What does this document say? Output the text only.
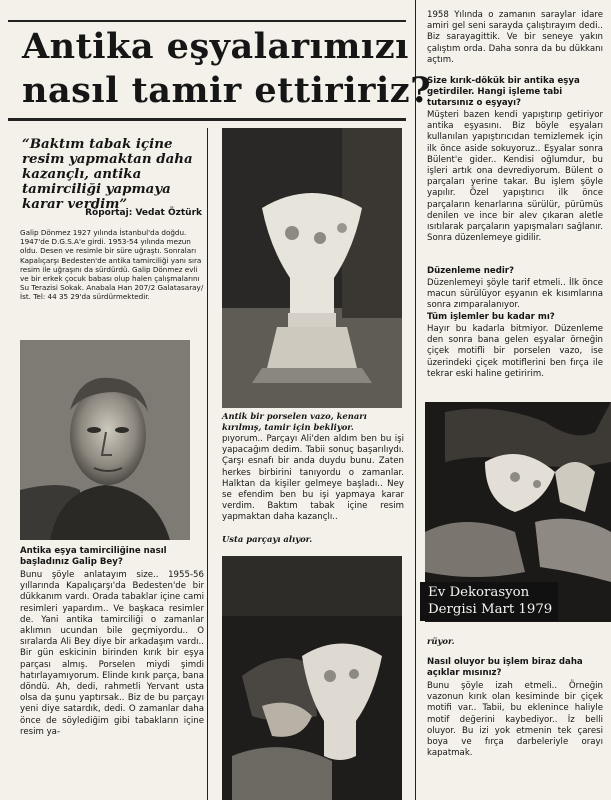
Antika eşyalarımızı
nasıl tamir ettiririz?
“Baktım tabak içine resim yapmaktan daha kazançlı, antika tamirciliği yapmaya karar verdim”
Röportaj: Vedat Öztürk
Galip Dönmez 1927 yılında İstanbul'da doğdu. 1947'de D.G.S.A'e girdi. 1953-54 yılında mezun oldu. Desen ve resimle bir süre uğraştı. Sonraları Kapalıçarşı Bedesten'de antika tamirciliği yanı sıra resim ile uğraşını da sürdürdü. Galip Dönmez evli ve bir erkek çocuk babası olup halen çalışmalarını Su Terazisi Sokak. Anabala Han 207/2 Galatasaray/İst. Tel: 44 35 29'da sürdürmektedir.

Antika eşya tamirciliğine nasıl başladınız Galip Bey?

Bunu şöyle anlatayım size.. 1955-56 yıllarında Kapalıçarşı'da Bedesten'de bir dükkanım vardı. Orada tabaklar içine cami resimleri yapardım.. Ve başkaca resimler de. Yani antika tamirciliği o zamanlar aklımın ucundan bile geçmiyordu.. O sıralarda Ali Bey diye bir arkadaşım vardı.. Bir gün eskicinin birinden kırık bir eşya parçası almış. Porselen miydi şimdi hatırlayamıyorum. Elinde kırık parça, bana döndü. Ah, dedi, rahmetli Yervant usta olsa da şunu yaptırsak.. Biz de bu parçayı yeni diye satardık, dedi. O zamanlar daha önce de söylediğim gibi tabakların içine resim ya-

Antik bir porselen vazo, kenarı kırılmış, tamir için bekliyor.

pıyorum.. Parçayı Ali'den aldım ben bu işi yapacağım dedim. Tabii sonuç başarılıydı. Çarşı esnafı bir anda duydu bunu. Zaten herkes birbirini tanıyordu o zamanlar. Halktan da kişiler gelmeye başladı.. Ney se efendim ben bu işi yapmaya karar verdim. Baktım tabak içine resim yapmaktan daha kazançlı..

Usta parçayı alıyor.

1958 Yılında o zamanın saraylar idare amiri gel seni sarayda çalıştırayım dedi.. Biz sarayagittik. Ve bir seneye yakın çalıştım orda. Daha sonra da bu dükkanı açtım.

Size kırık-dökük bir antika eşya getirdiler. Hangi işleme tabi tutarsınız o eşyayı?

Müşteri bazen kendi yapıştırıp getiriyor antika eşyasını. Biz böyle eşyaları kullanılan yapıştırıcıdan temizlemek için ilk önce aside sokuyoruz.. Eşyalar sonra Bülent'e gider.. Kendisi oğlumdur, bu işleri artık ona devrediyorum. Bülent o parçaları yerine takar. Bu işlem şöyle yapılır. Özel yapıştırıcı ilk önce parçaların kenarlarına sürülür, pürümüs denilen ve ince bir alev çıkaran aletle ısıtılarak parçaların yapışmaları sağlanır. Sonra düzenlemeye gidilir.

Düzenleme nedir?

Düzenlemeyi şöyle tarif etmeli.. İlk önce macun sürülüyor eşyanın ek kısımlarına sonra zımparalanıyor.

Tüm işlemler bu kadar mı?

Hayır bu kadarla bitmiyor. Düzenleme den sonra bana gelen eşyalar örneğin çiçek motifli bir porselen vazo, ise üzerindeki çiçek motiflerini ben fırça ile tekrar eski haline getiririm.

Ev Dekorasyon
Dergisi Mart 1979

rüyor.

Nasıl oluyor bu işlem biraz daha açıklar mısınız?

Bunu şöyle izah etmeli.. Örneğin vazonun kırık olan kesiminde bir çiçek motifi var.. Tabii, bu eklenince haliyle motif değerini kaybediyor.. İz belli oluyor. Bu izi yok etmenin tek çaresi boya ve fırça darbeleriyle orayı kapatmak.
